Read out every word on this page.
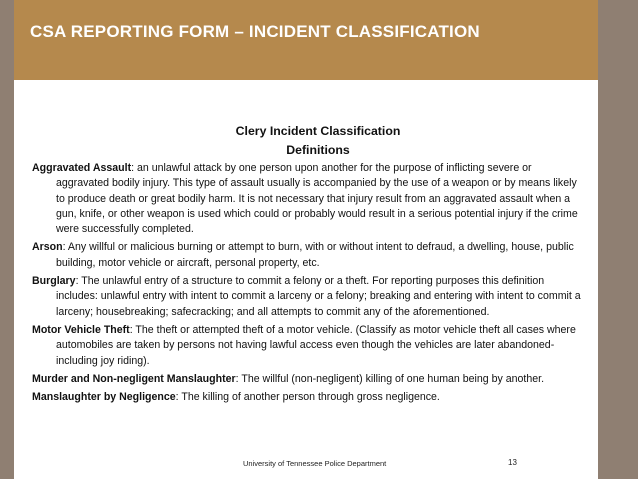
CSA REPORTING FORM – INCIDENT CLASSIFICATION
Clery Incident Classification
Definitions

Aggravated Assault: an unlawful attack by one person upon another for the purpose of inflicting severe or aggravated bodily injury. This type of assault usually is accompanied by the use of a weapon or by means likely to produce death or great bodily harm. It is not necessary that injury result from an aggravated assault when a gun, knife, or other weapon is used which could or probably would result in a serious potential injury if the crime were successfully completed.

Arson: Any willful or malicious burning or attempt to burn, with or without intent to defraud, a dwelling, house, public building, motor vehicle or aircraft, personal property, etc.

Burglary: The unlawful entry of a structure to commit a felony or a theft. For reporting purposes this definition includes: unlawful entry with intent to commit a larceny or a felony; breaking and entering with intent to commit a larceny; housebreaking; safecracking; and all attempts to commit any of the aforementioned.

Motor Vehicle Theft: The theft or attempted theft of a motor vehicle. (Classify as motor vehicle theft all cases where automobiles are taken by persons not having lawful access even though the vehicles are later abandoned-including joy riding).

Murder and Non-negligent Manslaughter: The willful (non-negligent) killing of one human being by another.

Manslaughter by Negligence: The killing of another person through gross negligence.

University of Tennessee Police Department	13
